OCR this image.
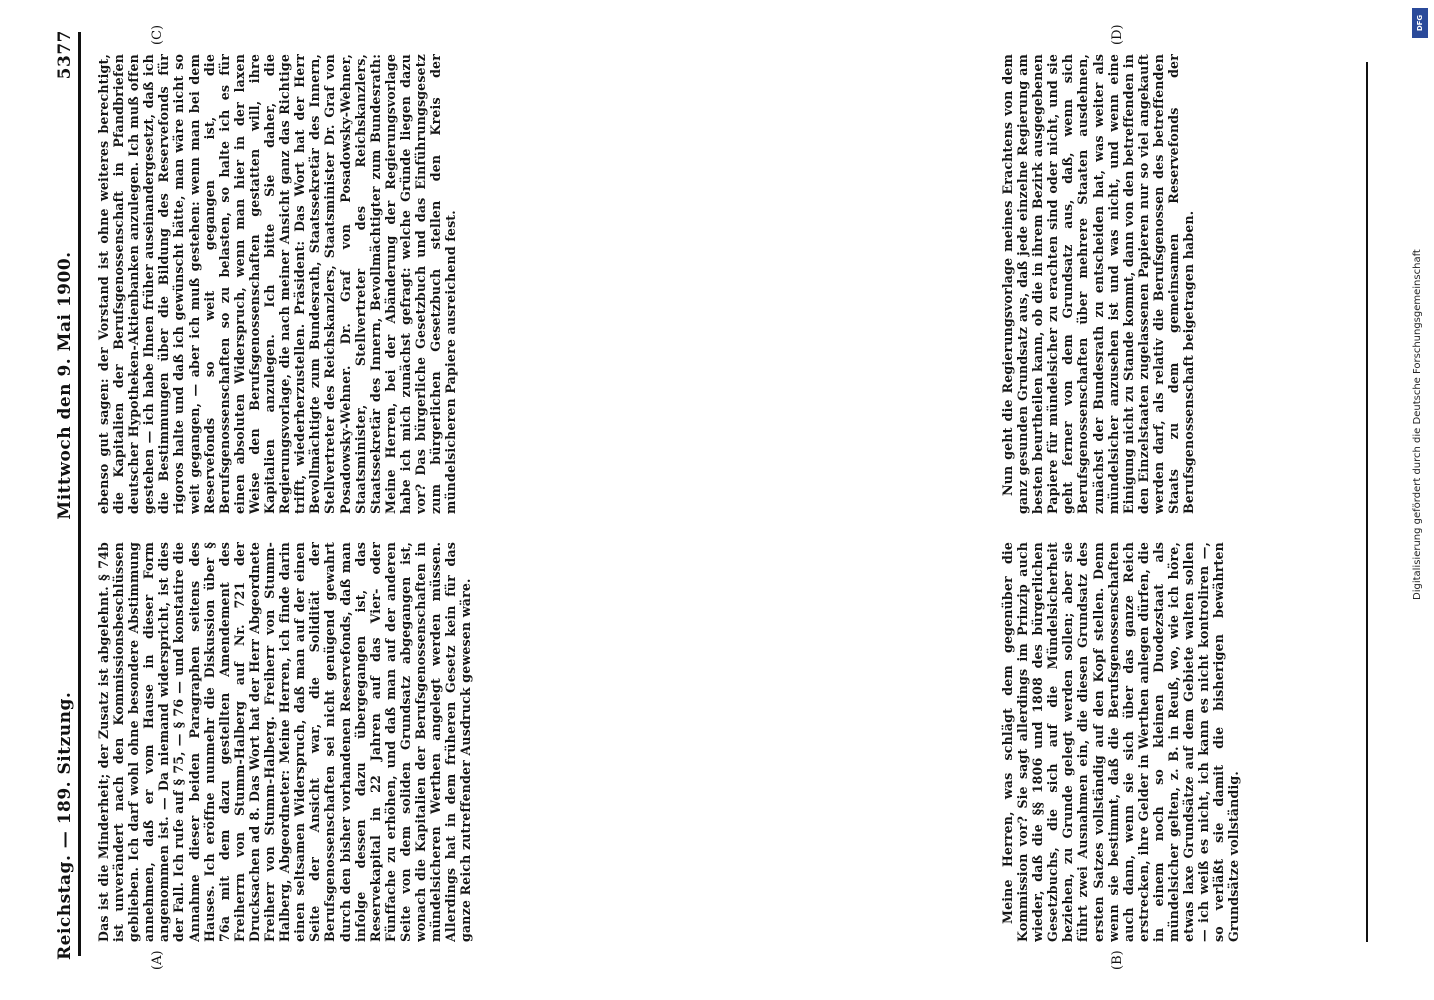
Reichstag. — 189. Sitzung.
Mittwoch den 9. Mai 1900.
5377
(A)	(B)
(C)	(D)

Das ist die Minderheit; der Zusatz ist abgelehnt. § 74b ist unverändert nach den Kommissionsbeschlüssen geblieben. Ich darf wohl ohne besondere Abstimmung annehmen, daß er vom Hause in dieser Form angenommen ist. — Da niemand widerspricht, ist dies der Fall. Ich rufe auf § 75, — § 76 — und konstatire die Annahme dieser beiden Paragraphen seitens des Hauses. Ich eröffne nunmehr die Diskussion über § 76a mit dem dazu gestellten Amendement des Freiherrn von Stumm-Halberg auf Nr. 721 der Drucksachen ad 8. Das Wort hat der Herr Abgeordnete Freiherr von Stumm-Halberg. Freiherr von Stumm-Halberg, Abgeordneter: Meine Herren, ich finde darin einen seltsamen Widerspruch, daß man auf der einen Seite der Ansicht war, die Solidität der Berufsgenossenschaften sei nicht genügend gewahrt durch den bisher vorhandenen Reservefonds, daß man infolge dessen dazu übergegangen ist, das Reservekapital in 22 Jahren auf das Vier- oder Fünffache zu erhöhen, und daß man auf der anderen Seite von dem soliden Grundsatz abgegangen ist, wonach die Kapitalien der Berufsgenossenschaften in mündelsicheren Werthen angelegt werden müssen. Allerdings hat in dem früheren Gesetz kein für das ganze Reich zutreffender Ausdruck gewesen wäre.	Meine Herren, was schlägt dem gegenüber die Kommission vor? Sie sagt allerdings im Prinzip auch wieder, daß die §§ 1806 und 1808 des bürgerlichen Gesetzbuchs, die sich auf die Mündelsicherheit beziehen, zu Grunde gelegt werden sollen; aber sie führt zwei Ausnahmen ein, die diesen Grundsatz des ersten Satzes vollständig auf den Kopf stellen. Denn wenn sie bestimmt, daß die Berufsgenossenschaften auch dann, wenn sie sich über das ganze Reich erstrecken, ihre Gelder in Werthen anlegen dürfen, die in einem noch so kleinen Duodezstaat als mündelsicher gelten, z. B. in Reuß, wo, wie ich höre, etwas laxe Grundsätze auf dem Gebiete walten sollen — ich weiß es nicht, ich kann es nicht kontroliren —, so verläßt sie damit die bisherigen bewährten Grundsätze vollständig.

ebenso gut sagen: der Vorstand ist ohne weiteres berechtigt, die Kapitalien der Berufsgenossenschaft in Pfandbriefen deutscher Hypotheken-Aktienbanken anzulegen. Ich muß offen gestehen — ich habe Ihnen früher auseinandergesetzt, daß ich die Bestimmungen über die Bildung des Reservefonds für rigoros halte und daß ich gewünscht hätte, man wäre nicht so weit gegangen, — aber ich muß gestehen: wenn man bei dem Reservefonds so weit gegangen ist, die Berufsgenossenschaften so zu belasten, so halte ich es für einen absoluten Widerspruch, wenn man hier in der laxen Weise den Berufsgenossenschaften gestatten will, ihre Kapitalien anzulegen. Ich bitte Sie daher, die Regierungsvorlage, die nach meiner Ansicht ganz das Richtige trifft, wiederherzustellen. Präsident: Das Wort hat der Herr Bevollmächtigte zum Bundesrath, Staatssekretär des Innern, Stellvertreter des Reichskanzlers, Staatsminister Dr. Graf von Posadowsky-Wehner. Dr. Graf von Posadowsky-Wehner, Staatsminister, Stellvertreter des Reichskanzlers, Staatssekretär des Innern, Bevollmächtigter zum Bundesrath: Meine Herren, bei der Abänderung der Regierungsvorlage habe ich mich zunächst gefragt: welche Gründe liegen dazu vor? Das bürgerliche Gesetzbuch und das Einführungsgesetz zum bürgerlichen Gesetzbuch stellen den Kreis der mündelsicheren Papiere ausreichend fest.	Nun geht die Regierungsvorlage meines Erachtens von dem ganz gesunden Grundsatz aus, daß jede einzelne Regierung am besten beurtheilen kann, ob die in ihrem Bezirk ausgegebenen Papiere für mündelsicher zu erachten sind oder nicht, und sie geht ferner von dem Grundsatz aus, daß, wenn sich Berufsgenossenschaften über mehrere Staaten ausdehnen, zunächst der Bundesrath zu entscheiden hat, was weiter als mündelsicher anzusehen ist und was nicht, und wenn eine Einigung nicht zu Stande kommt, dann von den betreffenden in den Einzelstaaten zugelassenen Papieren nur so viel angekauft werden darf, als relativ die Berufsgenossen des betreffenden Staats zu dem gemeinsamen Reservefonds der Berufsgenossenschaft beigetragen haben.

DFG
Digitalisierung gefördert durch die Deutsche Forschungsgemeinschaft
